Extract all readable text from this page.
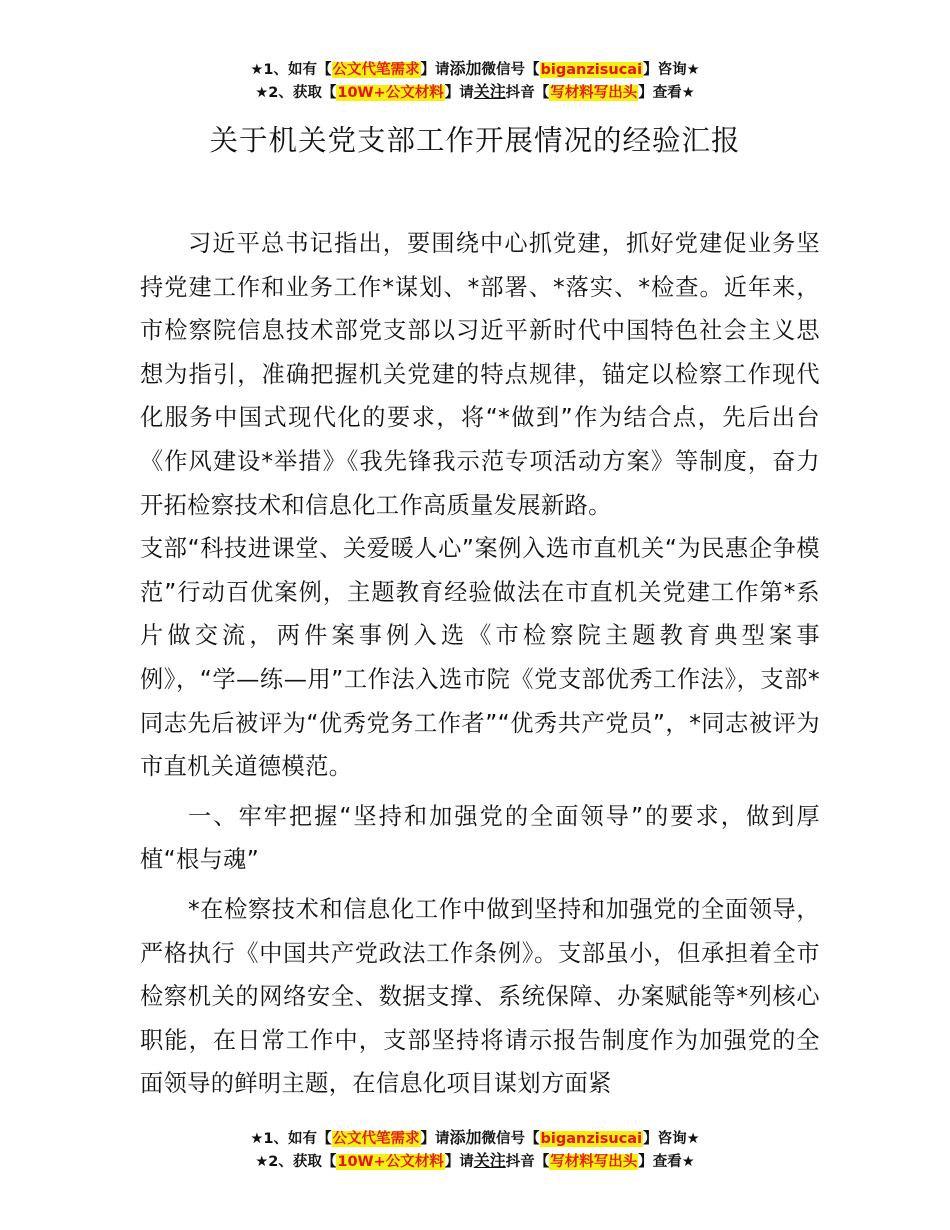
★1、如有【公文代笔需求】请添加微信号【biganzisucai】咨询★
★2、获取【10W+公文材料】请关注抖音【写材料写出头】查看★
关于机关党支部工作开展情况的经验汇报

习近平总书记指出，要围绕中心抓党建，抓好党建促业务坚持党建工作和业务工作*谋划、*部署、*落实、*检查。近年来，市检察院信息技术部党支部以习近平新时代中国特色社会主义思想为指引，准确把握机关党建的特点规律，锚定以检察工作现代化服务中国式现代化的要求，将“*做到”作为结合点，先后出台《作风建设*举措》《我先锋我示范专项活动方案》等制度，奋力开拓检察技术和信息化工作高质量发展新路。

支部“科技进课堂、关爱暖人心”案例入选市直机关“为民惠企争模范”行动百优案例，主题教育经验做法在市直机关党建工作第*系片做交流，两件案事例入选《市检察院主题教育典型案事例》，“学—练—用”工作法入选市院《党支部优秀工作法》，支部*同志先后被评为“优秀党务工作者”“优秀共产党员”，*同志被评为市直机关道德模范。

一、牢牢把握“坚持和加强党的全面领导”的要求，做到厚植“根与魂”

*在检察技术和信息化工作中做到坚持和加强党的全面领导，严格执行《中国共产党政法工作条例》。支部虽小，但承担着全市检察机关的网络安全、数据支撑、系统保障、办案赋能等*列核心职能，在日常工作中，支部坚持将请示报告制度作为加强党的全面领导的鲜明主题，在信息化项目谋划方面紧

★1、如有【公文代笔需求】请添加微信号【biganzisucai】咨询★
★2、获取【10W+公文材料】请关注抖音【写材料写出头】查看★
